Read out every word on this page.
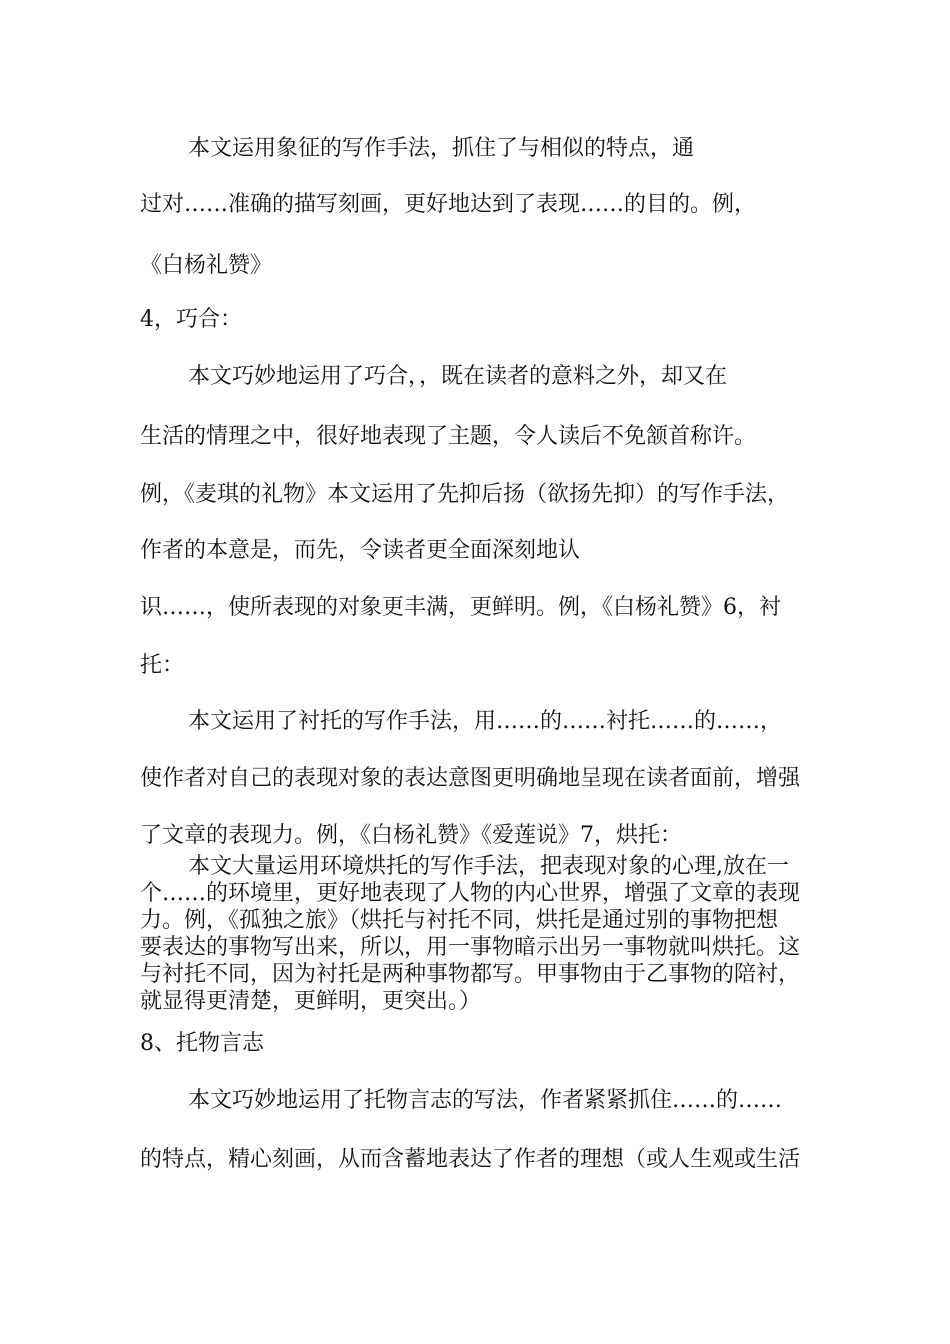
本文运用象征的写作手法，抓住了与相似的特点，通

过对……准确的描写刻画，更好地达到了表现……的目的。例，

《白杨礼赞》

4，巧合：

本文巧妙地运用了巧合，，既在读者的意料之外，却又在

生活的情理之中，很好地表现了主题，令人读后不免颔首称许。

例，《麦琪的礼物》本文运用了先抑后扬（欲扬先抑）的写作手法，

作者的本意是，而先，令读者更全面深刻地认

识……，使所表现的对象更丰满，更鲜明。例，《白杨礼赞》6，衬

托：

本文运用了衬托的写作手法，用……的……衬托……的……，

使作者对自己的表现对象的表达意图更明确地呈现在读者面前，增强

了文章的表现力。例，《白杨礼赞》《爱莲说》7，烘托：

本文大量运用环境烘托的写作手法，把表现对象的心理,放在一

个……的环境里，更好地表现了人物的内心世界，增强了文章的表现

力。例，《孤独之旅》（烘托与衬托不同，烘托是通过别的事物把想

要表达的事物写出来，所以，用一事物暗示出另一事物就叫烘托。这

与衬托不同，因为衬托是两种事物都写。甲事物由于乙事物的陪衬，

就显得更清楚，更鲜明，更突出。）

8、托物言志

本文巧妙地运用了托物言志的写法，作者紧紧抓住……的……

的特点，精心刻画，从而含蓄地表达了作者的理想（或人生观或生活
